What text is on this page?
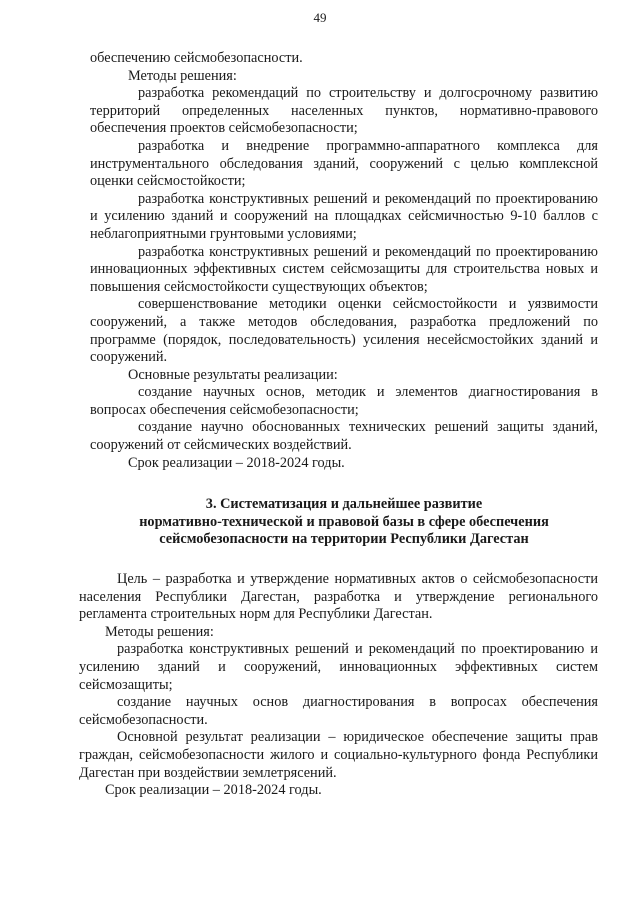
49

обеспечению сейсмобезопасности.

Методы решения:

разработка рекомендаций по строительству и долгосрочному развитию территорий определенных населенных пунктов, нормативно-правового обеспечения проектов сейсмобезопасности;

разработка и внедрение программно-аппаратного комплекса для инструментального обследования зданий, сооружений с целью комплексной оценки сейсмостойкости;

разработка конструктивных решений и рекомендаций по проектированию и усилению зданий и сооружений на площадках сейсмичностью 9-10 баллов с неблагоприятными грунтовыми условиями;

разработка конструктивных решений и рекомендаций по проектированию инновационных эффективных систем сейсмозащиты для строительства новых и повышения сейсмостойкости существующих объектов;

совершенствование методики оценки сейсмостойкости и уязвимости сооружений, а также методов обследования, разработка предложений по программе (порядок, последовательность) усиления несейсмостойких зданий и сооружений.

Основные результаты реализации:

создание научных основ, методик и элементов диагностирования в вопросах обеспечения сейсмобезопасности;

создание научно обоснованных технических решений защиты зданий, сооружений от сейсмических воздействий.

Срок реализации – 2018-2024 годы.

3. Систематизация и дальнейшее развитие
нормативно-технической и правовой базы в сфере обеспечения
сейсмобезопасности на территории Республики Дагестан

Цель – разработка и утверждение нормативных актов о сейсмобезопасности населения Республики Дагестан, разработка и утверждение регионального регламента строительных норм для Республики Дагестан.

Методы решения:

разработка конструктивных решений и рекомендаций по проектированию и усилению зданий и сооружений, инновационных эффективных систем сейсмозащиты;

создание научных основ диагностирования в вопросах обеспечения сейсмобезопасности.

Основной результат реализации – юридическое обеспечение защиты прав граждан, сейсмобезопасности жилого и социально-культурного фонда Республики Дагестан при воздействии землетрясений.

Срок реализации – 2018-2024 годы.
